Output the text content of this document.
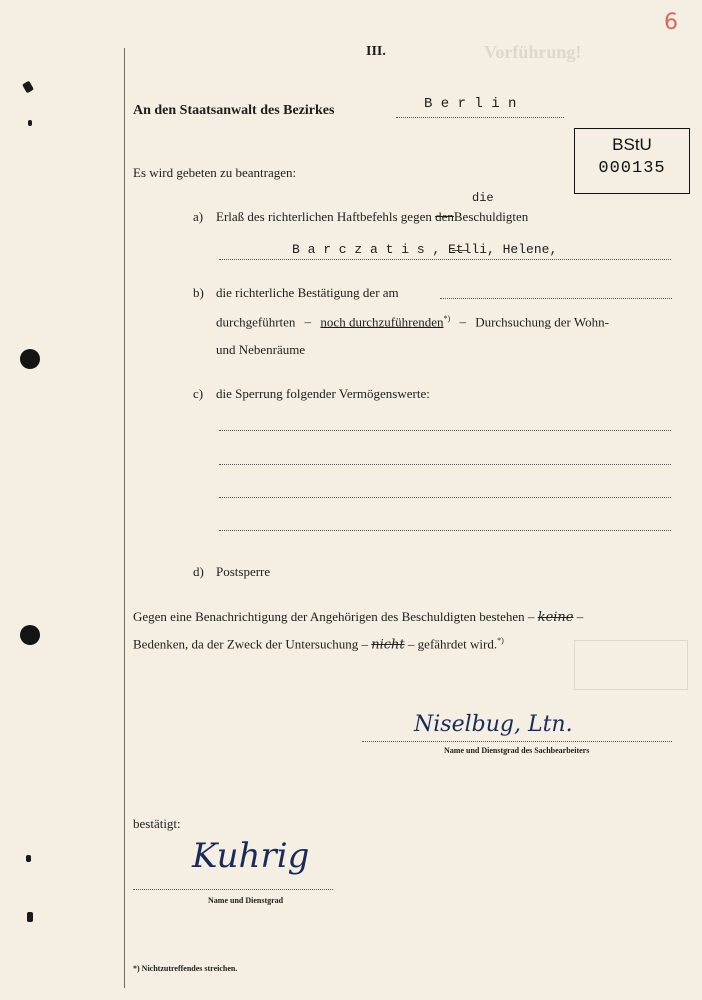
Vorführung!
6
III.
An den Staatsanwalt des Bezirkes	B e r l i n
BStU
000135
Es wird gebeten zu beantragen:
a) Erlaß des richterlichen Haftbefehls gegen denBeschuldigten
die
B a r c z a t i s , E̶t̶lli, Helene,
b) die richterliche Bestätigung der am
durchgeführten – noch durchzuführenden*) – Durchsuchung der Wohn-
und Nebenräume
c) die Sperrung folgender Vermögenswerte:
d) Postsperre
Gegen eine Benachrichtigung der Angehörigen des Beschuldigten bestehen – keine –
Bedenken, da der Zweck der Untersuchung – nicht – gefährdet wird.*)
Niselbug, Ltn.
Name und Dienstgrad des Sachbearbeiters
bestätigt:
Kuhrig
Name und Dienstgrad
*) Nichtzutreffendes streichen.
